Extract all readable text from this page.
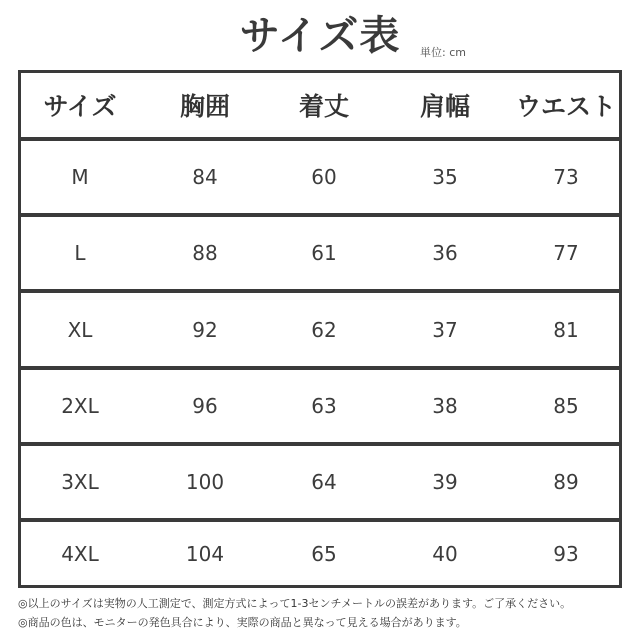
サイズ表	単位: cm
サイズ	胸囲	着丈	肩幅	ウエスト
M	84	60	35	73
L	88	61	36	77
XL	92	62	37	81
2XL	96	63	38	85
3XL	100	64	39	89
4XL	104	65	40	93
◎以上のサイズは実物の人工測定で、測定方式によって1-3センチメートルの誤差があります。ご了承ください。
◎商品の色は、モニターの発色具合により、実際の商品と異なって見える場合があります。
